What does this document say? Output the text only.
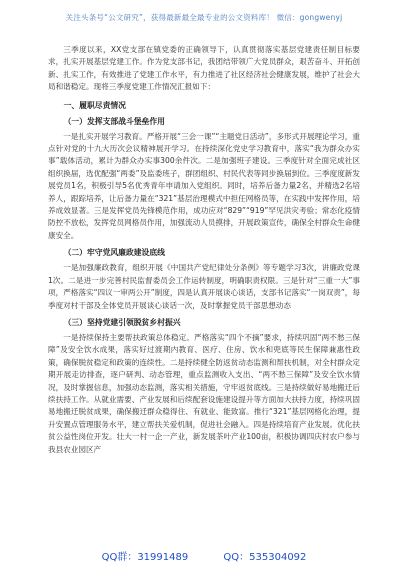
关注头条号“公文研究”，获得最新最全最专业的公文资料库！ 微信：gongwenyj

三季度以来，XX党支部在镇党委的正确领导下，认真贯彻落实基层党建责任制目标要求，扎实开展基层党建工作。作为党支部书记，我团结带领广大党员群众，艰苦奋斗、开拓创新、扎实工作，有效推进了党建工作水平，有力推进了社区经济社会健康发展，维护了社会大局和谐稳定。现将三季度党建工作情况汇报如下：

一、履职尽责情况
（一）发挥支部战斗堡垒作用

一是扎实开展学习教育。严格开展“三会一课”“主题党日活动”，多形式开展理论学习，重点针对党的十九大历次会议精神展开学习。在持续深化党史学习教育中，落实“我为群众办实事”载体活动，累计为群众办实事300余件次。二是加强班子建设。三季度针对全面完成社区组织换届，选优配强“两委”及监委班子，群团组织、村民代表等同步换届到位。三季度度新发展党员1名，积极引导5名优秀青年申请加入党组织。同时，培养后备力量2名，并精选2名培养人，跟踪培养，让后备力量在“321”基层治理模式中担任网格员等，在实践中发挥作用，培养成效显著。三是发挥党员先锋模范作用，成功应对“829”“919”罕见洪灾考验；常态化疫情防控不放松，发挥党员网格员作用，加强流动人员摸排，开展政策宣传，确保全村群众生命健康安全。

（二）牢守党风廉政建设底线

一是加强廉政教育，组织开展《中国共产党纪律处分条例》等专题学习3次，讲廉政党课1次。二是进一步完善村民监督委员会工作运转制度，明确职责权限。三是针对“三重一大”事项，严格落实“四议一审两公开”制度，四是认真开展谈心谈话，支部书记落实“一岗双责”，每季度对村干部及全体党员开展谈心谈话一次，及时掌握党员干部思想动态

（三）坚持党建引领脱贫乡村振兴

一是持续保持主要帮扶政策总体稳定。严格落实“四个不摘”要求，持续巩固“两不愁三保障”及安全饮水成果，落实好过渡期内教育、医疗、住房、饮水和兜底等民生保障兼惠性政策，确保脱贫稳定和政策的连续性。二是持续健全防返贫动态监测和帮扶机制，对全村群众定期开展走访排查，逐户研判、动态管理，重点监测收入支出、“两不愁三保障”及安全饮水情况，及时掌握信息，加强动态监测，落实相关措施，守牢返贫底线。三是持续做好易地搬迁后续扶持工作。从就业需要、产业发展和后续配套设施建设提升等方面加大扶持力度，持续巩固易地搬迁脱贫成果，确保搬迁群众稳得住、有就业、能致富。推行“321”基层网格化治理，提升安置点管理服务水平，建立帮扶关爱机制，促进社会融入。四是持续培育产业发展。优化扶贫公益性岗位开发。壮大一村一企一产业，新发展茶叶产业100亩，积极协调四庆村农户参与我县农业园区产

QQ群：31991489	QQ：535304092
